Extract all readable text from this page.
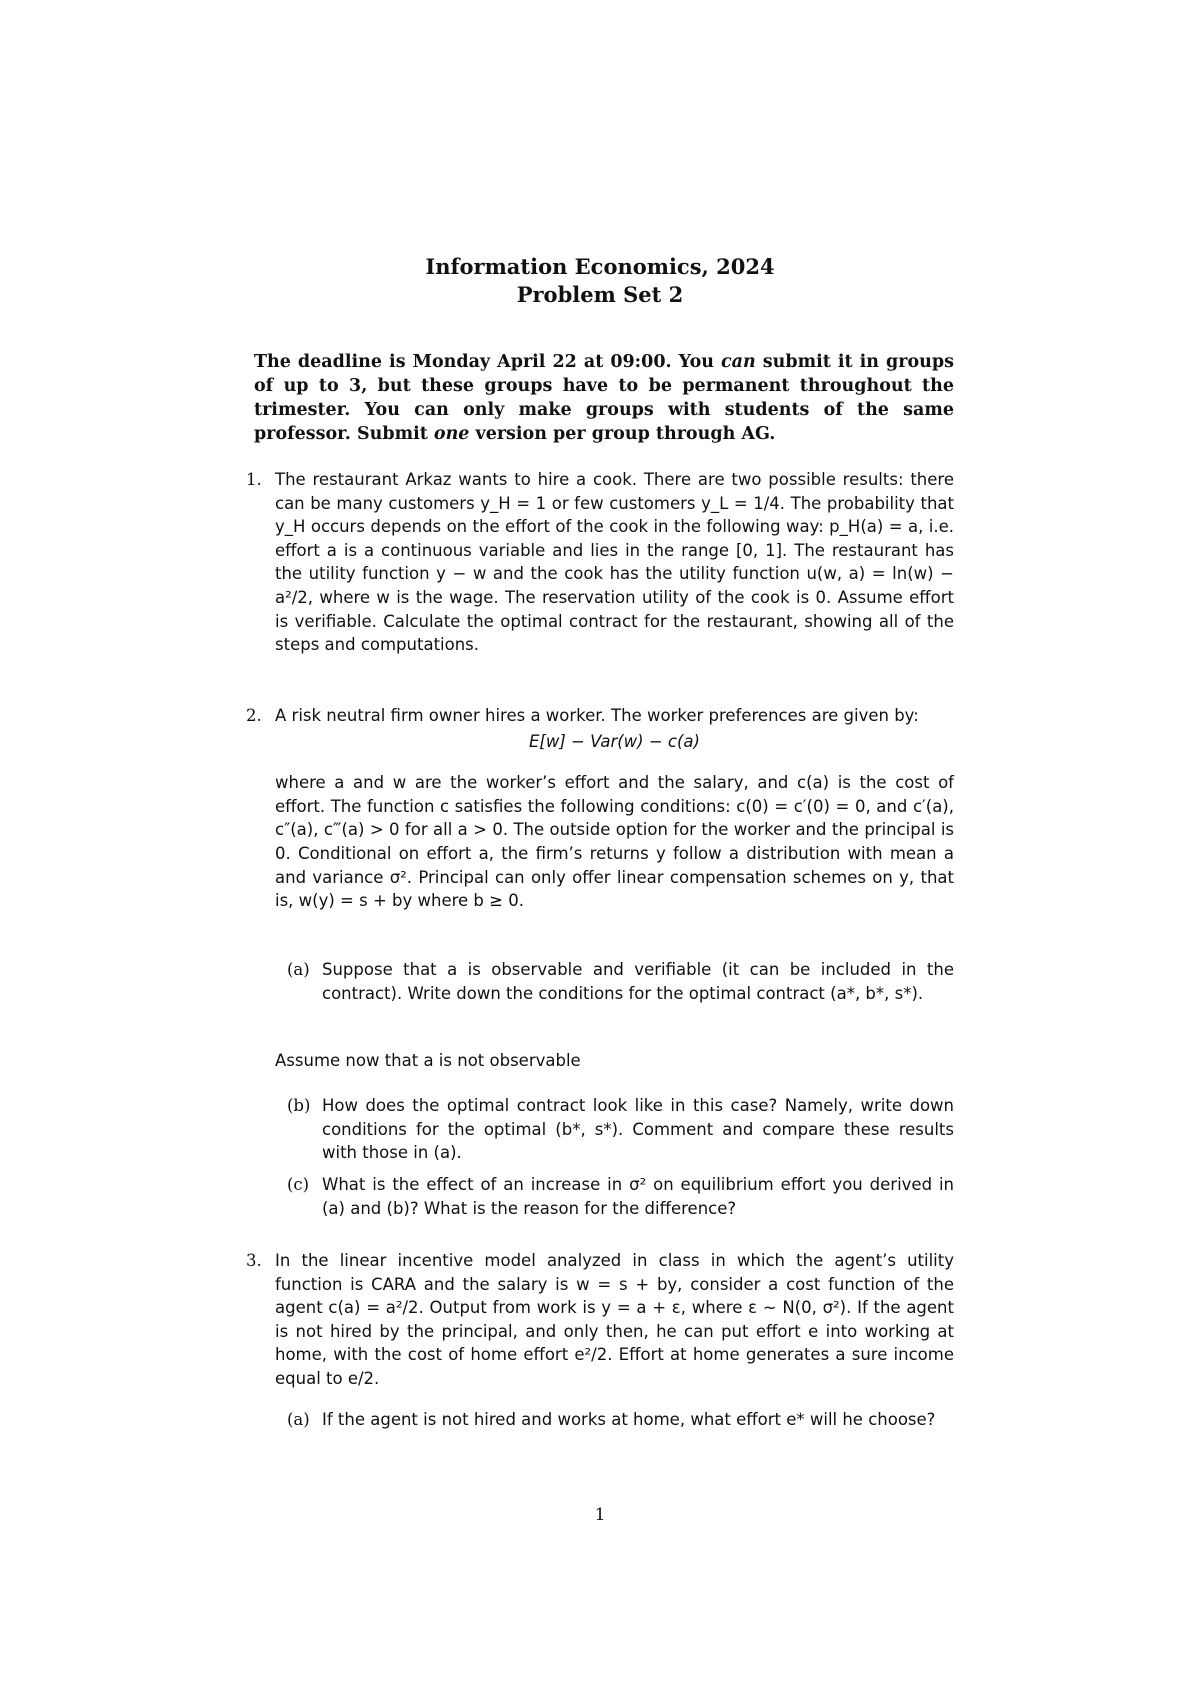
Information Economics, 2024
Problem Set 2
The deadline is Monday April 22 at 09:00. You can submit it in groups of up to 3, but these groups have to be permanent throughout the trimester. You can only make groups with students of the same professor. Submit one version per group through AG.
1. The restaurant Arkaz wants to hire a cook. There are two possible results: there can be many customers y_H = 1 or few customers y_L = 1/4. The probability that y_H occurs depends on the effort of the cook in the following way: p_H(a) = a, i.e. effort a is a continuous variable and lies in the range [0, 1]. The restaurant has the utility function y − w and the cook has the utility function u(w, a) = ln(w) − a²/2, where w is the wage. The reservation utility of the cook is 0. Assume effort is verifiable. Calculate the optimal contract for the restaurant, showing all of the steps and computations.
2. A risk neutral firm owner hires a worker. The worker preferences are given by:
E[w] − Var(w) − c(a)
where a and w are the worker’s effort and the salary, and c(a) is the cost of effort. The function c satisfies the following conditions: c(0) = c′(0) = 0, and c′(a), c″(a), c‴(a) > 0 for all a > 0. The outside option for the worker and the principal is 0. Conditional on effort a, the firm’s returns y follow a distribution with mean a and variance σ². Principal can only offer linear compensation schemes on y, that is, w(y) = s + by where b ≥ 0.
(a) Suppose that a is observable and verifiable (it can be included in the contract). Write down the conditions for the optimal contract (a*, b*, s*).
Assume now that a is not observable
(b) How does the optimal contract look like in this case? Namely, write down conditions for the optimal (b*, s*). Comment and compare these results with those in (a).
(c) What is the effect of an increase in σ² on equilibrium effort you derived in (a) and (b)? What is the reason for the difference?
3. In the linear incentive model analyzed in class in which the agent’s utility function is CARA and the salary is w = s + by, consider a cost function of the agent c(a) = a²/2. Output from work is y = a + ε, where ε ∼ N(0, σ²). If the agent is not hired by the principal, and only then, he can put effort e into working at home, with the cost of home effort e²/2. Effort at home generates a sure income equal to e/2.
(a) If the agent is not hired and works at home, what effort e* will he choose?
1
